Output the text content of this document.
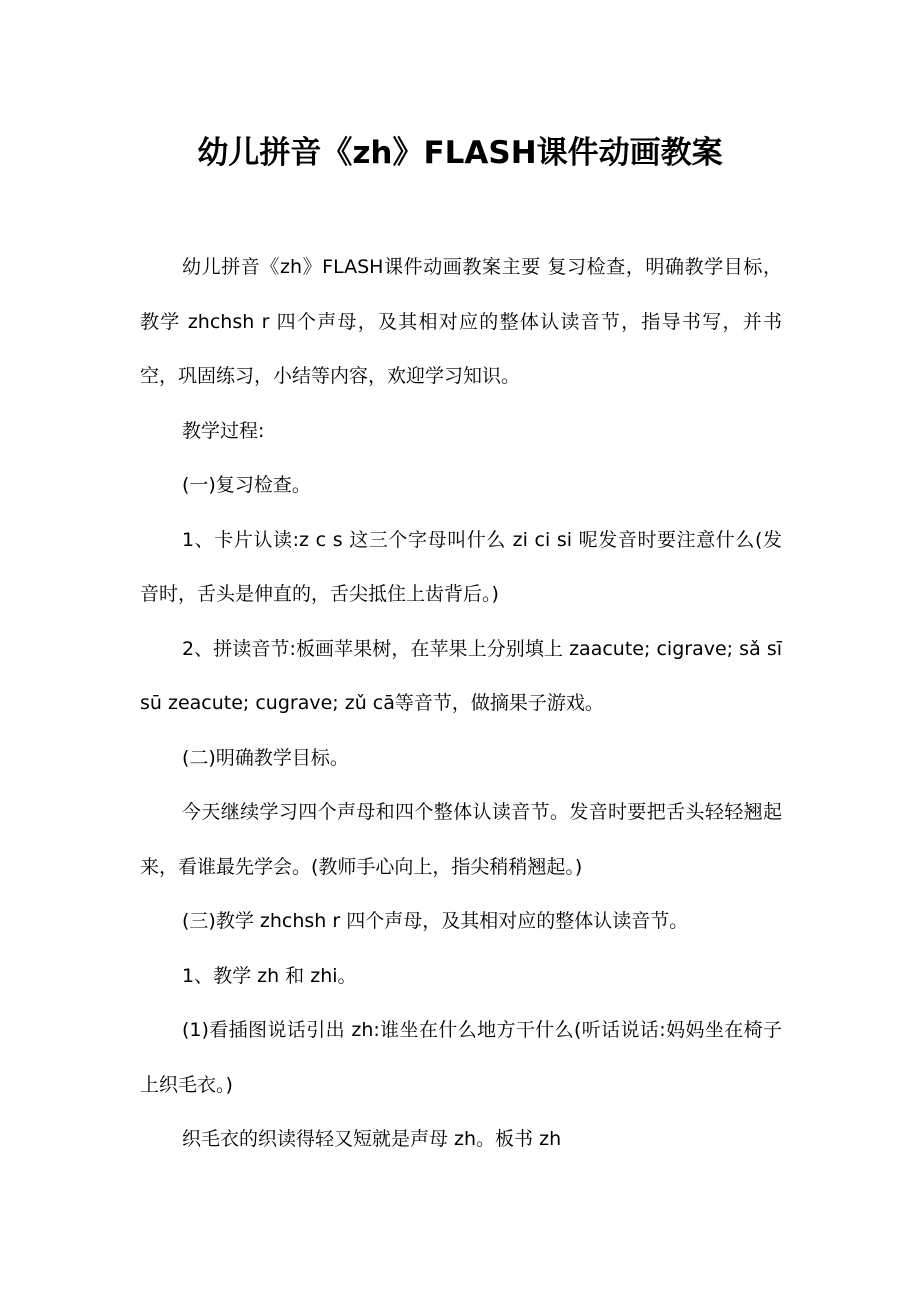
幼儿拼音《zh》FLASH课件动画教案

幼儿拼音《zh》FLASH课件动画教案主要 复习检查，明确教学目标，教学 zhchsh r 四个声母，及其相对应的整体认读音节，指导书写，并书空，巩固练习，小结等内容，欢迎学习知识。

教学过程:

(一)复习检查。

1、卡片认读:z c s 这三个字母叫什么 zi ci si 呢发音时要注意什么(发音时，舌头是伸直的，舌尖抵住上齿背后。)

2、拼读音节:板画苹果树，在苹果上分别填上 zaacute; cigrave; sǎ sī sū zeacute; cugrave; zǔ cā等音节，做摘果子游戏。

(二)明确教学目标。

今天继续学习四个声母和四个整体认读音节。发音时要把舌头轻轻翘起来，看谁最先学会。(教师手心向上，指尖稍稍翘起。)

(三)教学 zhchsh r 四个声母，及其相对应的整体认读音节。

1、教学 zh 和 zhi。

(1)看插图说话引出 zh:谁坐在什么地方干什么(听话说话:妈妈坐在椅子上织毛衣。)

织毛衣的织读得轻又短就是声母 zh。板书 zh
